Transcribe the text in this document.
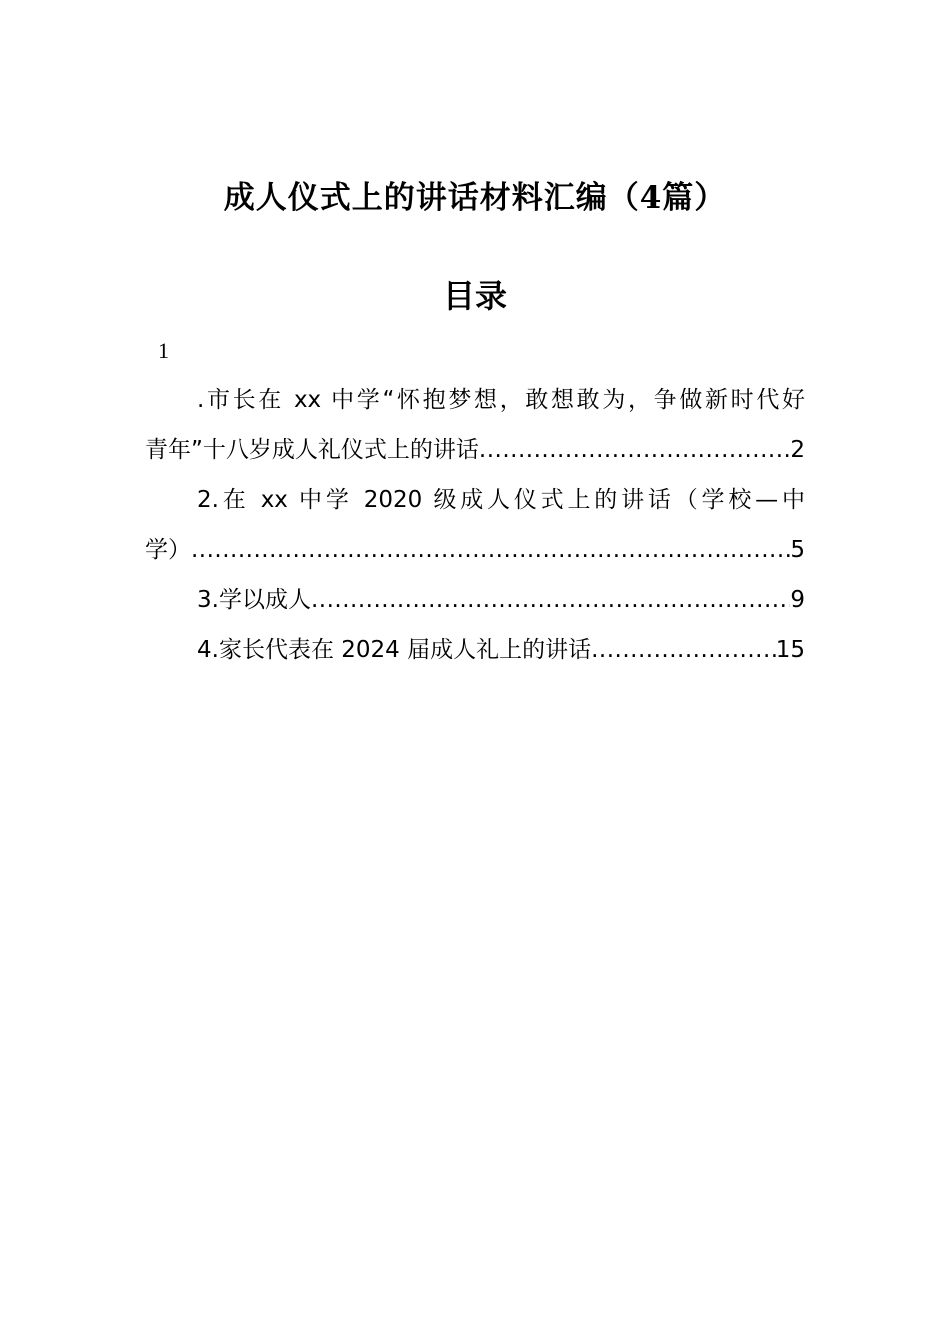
成人仪式上的讲话材料汇编（4篇）
目录
1
.市长在 xx 中学“怀抱梦想，敢想敢为，争做新时代好
青年”十八岁成人礼仪式上的讲话 .....	2
2.在 xx 中学 2020 级成人仪式上的讲话（学校—中
学） .....	5
3.学以成人 .....	9
4.家长代表在 2024 届成人礼上的讲话 .....	15
